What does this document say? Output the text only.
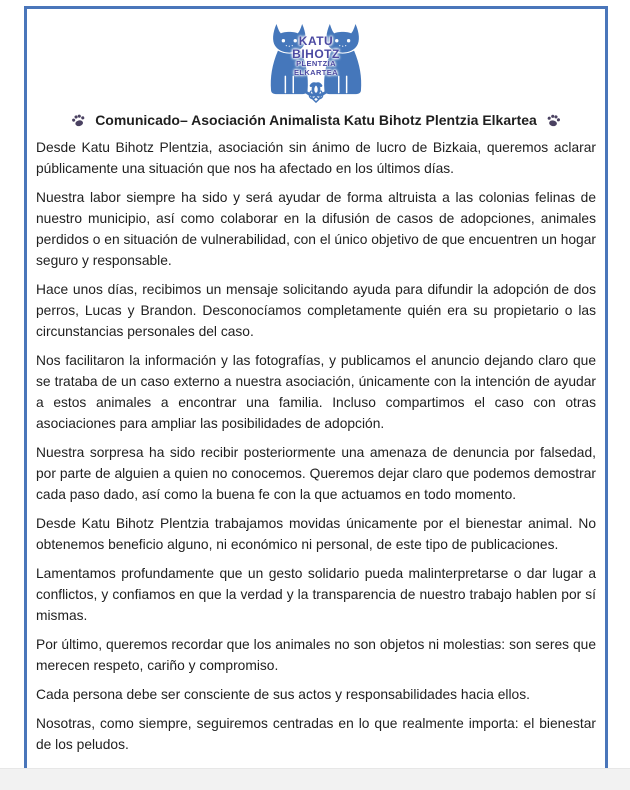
KATU
BIHOTZ
PLENTZIA
ELKARTEA
Comunicado– Asociación Animalista Katu Bihotz Plentzia Elkartea

Desde Katu Bihotz Plentzia, asociación sin ánimo de lucro de Bizkaia, queremos aclarar públicamente una situación que nos ha afectado en los últimos días.

Nuestra labor siempre ha sido y será ayudar de forma altruista a las colonias felinas de nuestro municipio, así como colaborar en la difusión de casos de adopciones, animales perdidos o en situación de vulnerabilidad, con el único objetivo de que encuentren un hogar seguro y responsable.

Hace unos días, recibimos un mensaje solicitando ayuda para difundir la adopción de dos perros, Lucas y Brandon. Desconocíamos completamente quién era su propietario o las circunstancias personales del caso.

Nos facilitaron la información y las fotografías, y publicamos el anuncio dejando claro que se trataba de un caso externo a nuestra asociación, únicamente con la intención de ayudar a estos animales a encontrar una familia. Incluso compartimos el caso con otras asociaciones para ampliar las posibilidades de adopción.

Nuestra sorpresa ha sido recibir posteriormente una amenaza de denuncia por falsedad, por parte de alguien a quien no conocemos. Queremos dejar claro que podemos demostrar cada paso dado, así como la buena fe con la que actuamos en todo momento.

Desde Katu Bihotz Plentzia trabajamos movidas únicamente por el bienestar animal. No obtenemos beneficio alguno, ni económico ni personal, de este tipo de publicaciones.

Lamentamos profundamente que un gesto solidario pueda malinterpretarse o dar lugar a conflictos, y confiamos en que la verdad y la transparencia de nuestro trabajo hablen por sí mismas.

Por último, queremos recordar que los animales no son objetos ni molestias: son seres que merecen respeto, cariño y compromiso.

Cada persona debe ser consciente de sus actos y responsabilidades hacia ellos.

Nosotras, como siempre, seguiremos centradas en lo que realmente importa: el bienestar de los peludos.
